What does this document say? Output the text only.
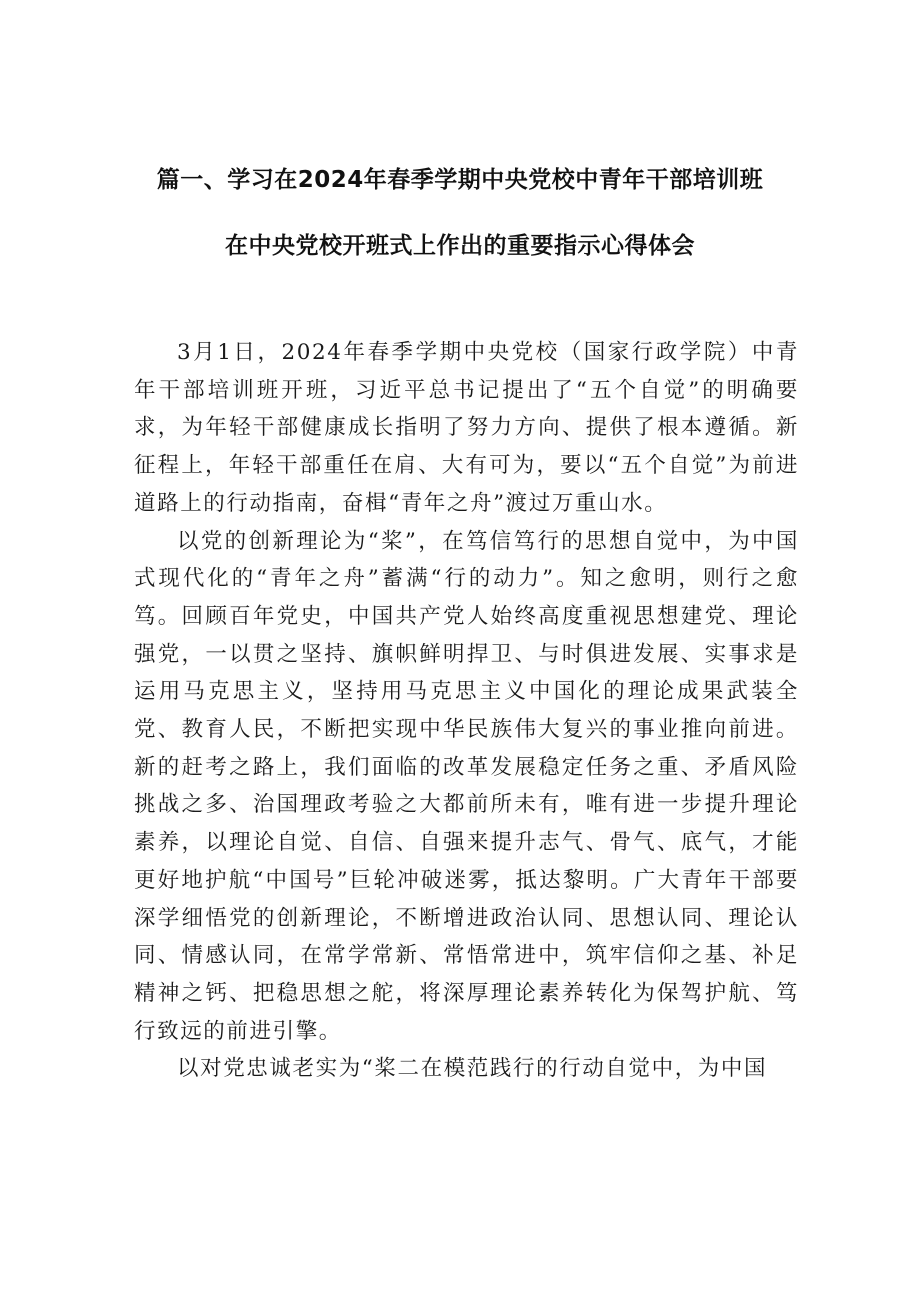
篇一、学习在2024年春季学期中央党校中青年干部培训班
在中央党校开班式上作出的重要指示心得体会

3月1日，2024年春季学期中央党校（国家行政学院）中青年干部培训班开班，习近平总书记提出了“五个自觉”的明确要求，为年轻干部健康成长指明了努力方向、提供了根本遵循。新征程上，年轻干部重任在肩、大有可为，要以“五个自觉”为前进道路上的行动指南，奋楫“青年之舟”渡过万重山水。

以党的创新理论为“桨”，在笃信笃行的思想自觉中，为中国式现代化的“青年之舟”蓄满“行的动力”。知之愈明，则行之愈笃。回顾百年党史，中国共产党人始终高度重视思想建党、理论强党，一以贯之坚持、旗帜鲜明捍卫、与时俱进发展、实事求是运用马克思主义，坚持用马克思主义中国化的理论成果武装全党、教育人民，不断把实现中华民族伟大复兴的事业推向前进。新的赶考之路上，我们面临的改革发展稳定任务之重、矛盾风险挑战之多、治国理政考验之大都前所未有，唯有进一步提升理论素养，以理论自觉、自信、自强来提升志气、骨气、底气，才能更好地护航“中国号”巨轮冲破迷雾，抵达黎明。广大青年干部要深学细悟党的创新理论，不断增进政治认同、思想认同、理论认同、情感认同，在常学常新、常悟常进中，筑牢信仰之基、补足精神之钙、把稳思想之舵，将深厚理论素养转化为保驾护航、笃行致远的前进引擎。

以对党忠诚老实为“桨二在模范践行的行动自觉中，为中国
